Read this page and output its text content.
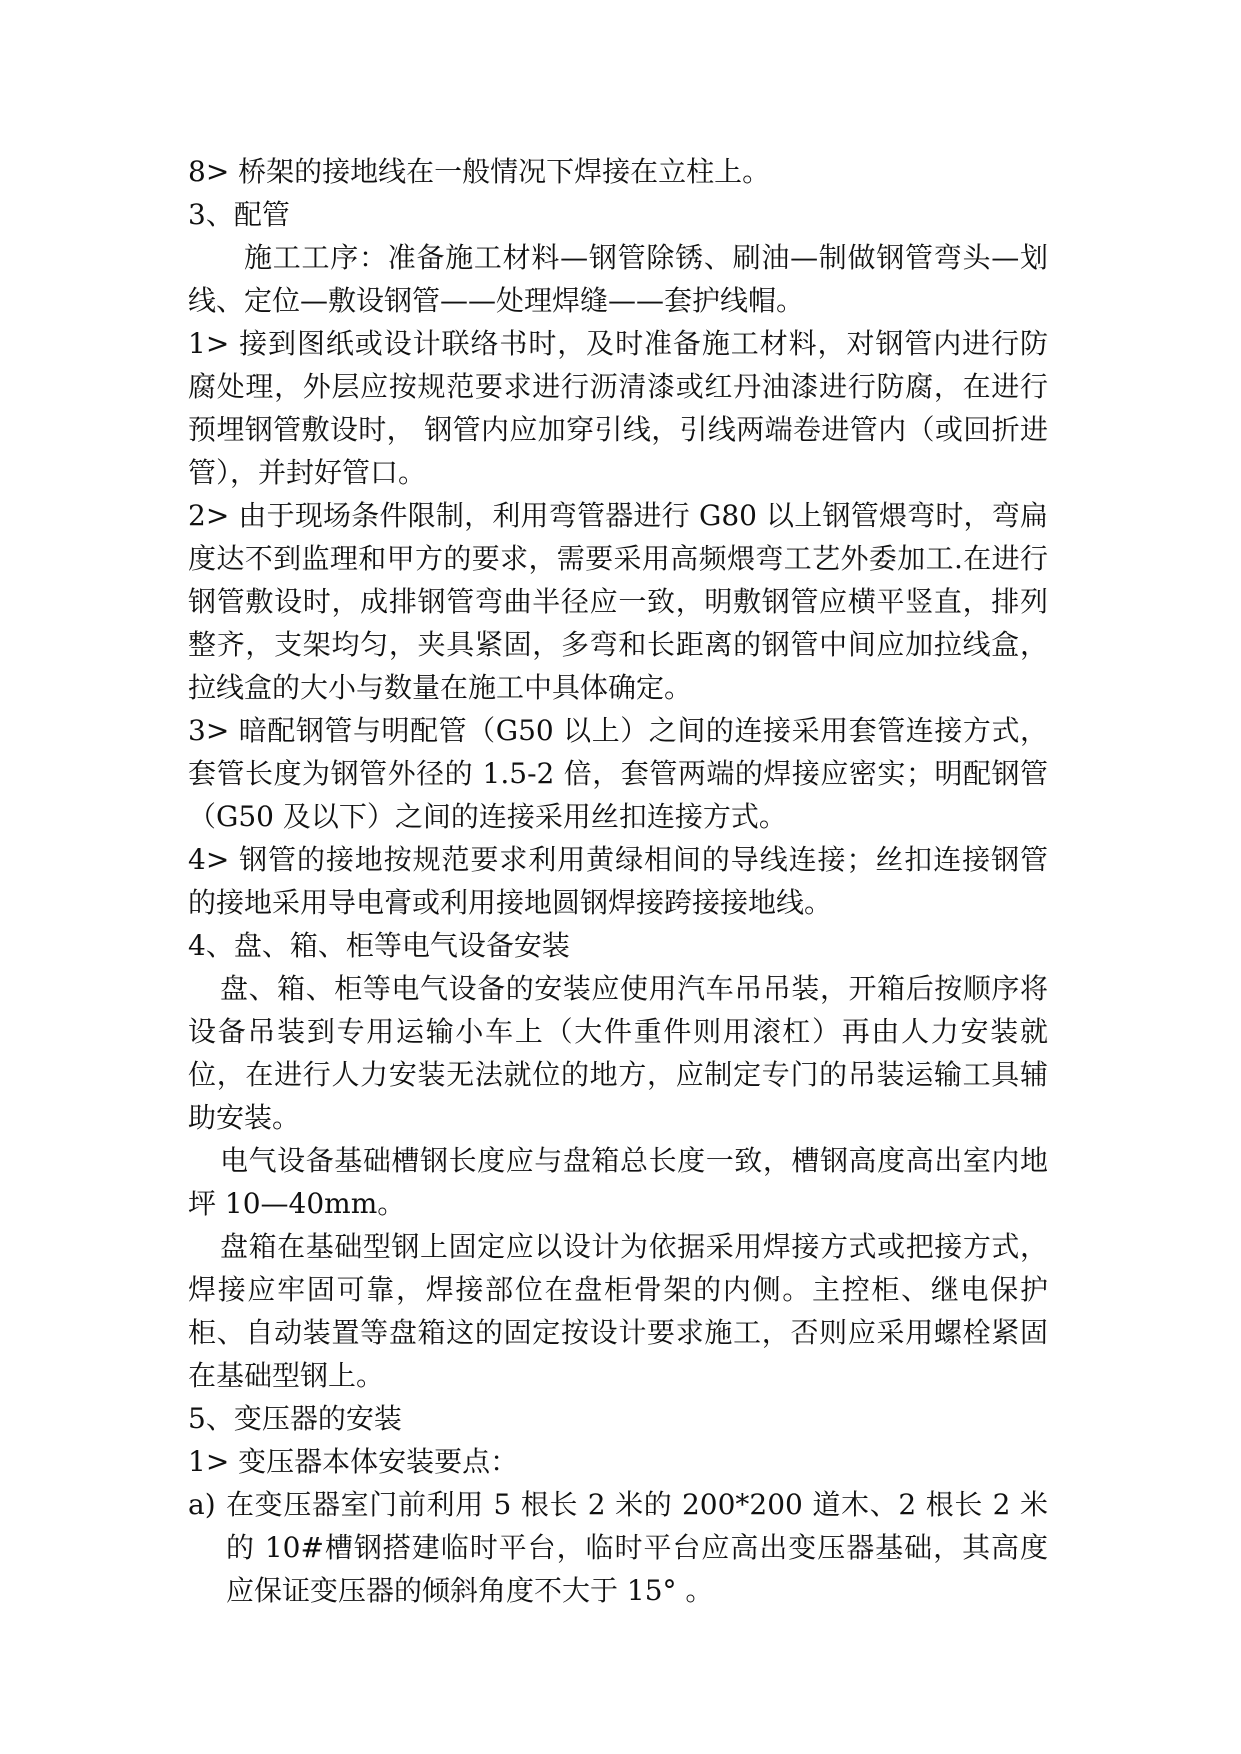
8> 桥架的接地线在一般情况下焊接在立柱上。

3、配管

施工工序：准备施工材料—钢管除锈、刷油—制做钢管弯头—划线、定位—敷设钢管——处理焊缝——套护线帽。

1> 接到图纸或设计联络书时，及时准备施工材料，对钢管内进行防腐处理，外层应按规范要求进行沥清漆或红丹油漆进行防腐，在进行预埋钢管敷设时， 钢管内应加穿引线，引线两端卷进管内（或回折进管），并封好管口。

2> 由于现场条件限制，利用弯管器进行 G80 以上钢管煨弯时，弯扁度达不到监理和甲方的要求，需要采用高频煨弯工艺外委加工.在进行钢管敷设时，成排钢管弯曲半径应一致，明敷钢管应横平竖直，排列整齐，支架均匀，夹具紧固，多弯和长距离的钢管中间应加拉线盒，拉线盒的大小与数量在施工中具体确定。

3> 暗配钢管与明配管（G50 以上）之间的连接采用套管连接方式，套管长度为钢管外径的 1.5-2 倍，套管两端的焊接应密实；明配钢管（G50 及以下）之间的连接采用丝扣连接方式。

4> 钢管的接地按规范要求利用黄绿相间的导线连接；丝扣连接钢管的接地采用导电膏或利用接地圆钢焊接跨接接地线。

4、盘、箱、柜等电气设备安装

盘、箱、柜等电气设备的安装应使用汽车吊吊装，开箱后按顺序将设备吊装到专用运输小车上（大件重件则用滚杠）再由人力安装就位，在进行人力安装无法就位的地方，应制定专门的吊装运输工具辅助安装。

电气设备基础槽钢长度应与盘箱总长度一致，槽钢高度高出室内地坪 10—40mm。

盘箱在基础型钢上固定应以设计为依据采用焊接方式或把接方式，焊接应牢固可靠，焊接部位在盘柜骨架的内侧。主控柜、继电保护柜、自动装置等盘箱这的固定按设计要求施工，否则应采用螺栓紧固在基础型钢上。

5、变压器的安装

1> 变压器本体安装要点：

a) 在变压器室门前利用 5 根长 2 米的 200*200 道木、2 根长 2 米的 10#槽钢搭建临时平台，临时平台应高出变压器基础，其高度应保证变压器的倾斜角度不大于 15° 。
